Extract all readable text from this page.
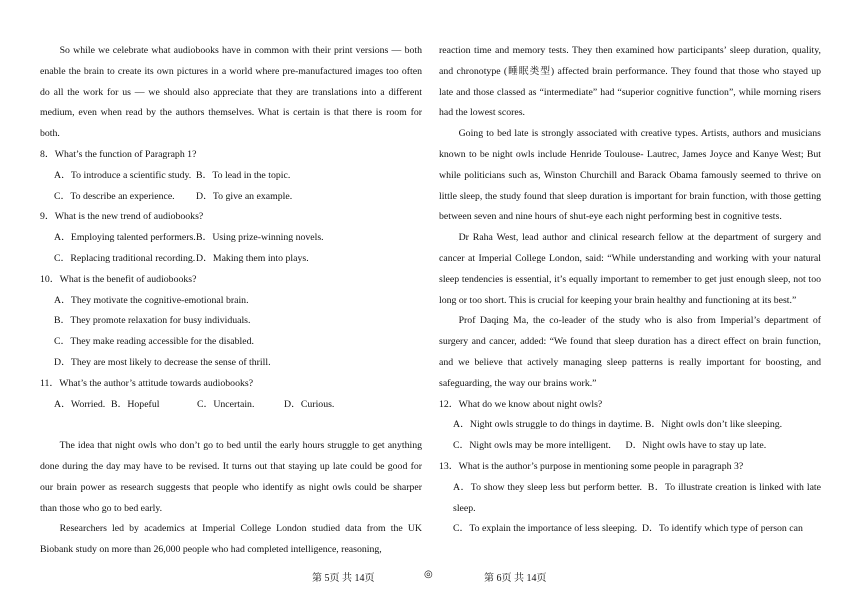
So while we celebrate what audiobooks have in common with their print versions — both enable the brain to create its own pictures in a world where pre-manufactured images too often do all the work for us — we should also appreciate that they are translations into a different medium, even when read by the authors themselves. What is certain is that there is room for both.

8．What’s the function of Paragraph 1?

A．To introduce a scientific study. B．To lead in the topic.
C．To describe an experience.	D．To give an example.

9．What is the new trend of audiobooks?

A．Employing talented performers. B．Using prize-winning novels.
C．Replacing traditional recording. D．Making them into plays.

10．What is the benefit of audiobooks?

A．They motivate the cognitive-emotional brain.

B．They promote relaxation for busy individuals.

C．They make reading accessible for the disabled.

D．They are most likely to decrease the sense of thrill.

11．What’s the author’s attitude towards audiobooks?

A．Worried. B．Hopeful	C．Uncertain.	D．Curious.

The idea that night owls who don’t go to bed until the early hours struggle to get anything done during the day may have to be revised. It turns out that staying up late could be good for our brain power as research suggests that people who identify as night owls could be sharper than those who go to bed early.

Researchers led by academics at Imperial College London studied data from the UK Biobank study on more than 26,000 people who had completed intelligence, reasoning,

reaction time and memory tests. They then examined how participants’ sleep duration, quality, and chronotype (睡眠类型) affected brain performance. They found that those who stayed up late and those classed as “intermediate” had “superior cognitive function”, while morning risers had the lowest scores.

Going to bed late is strongly associated with creative types. Artists, authors and musicians known to be night owls include Henride Toulouse- Lautrec, James Joyce and Kanye West; But while politicians such as, Winston Churchill and Barack Obama famously seemed to thrive on little sleep, the study found that sleep duration is important for brain function, with those getting between seven and nine hours of shut-eye each night performing best in cognitive tests.

Dr Raha West, lead author and clinical research fellow at the department of surgery and cancer at Imperial College London, said: “While understanding and working with your natural sleep tendencies is essential, it’s equally important to remember to get just enough sleep, not too long or too short. This is crucial for keeping your brain healthy and functioning at its best.”

Prof Daqing Ma, the co-leader of the study who is also from Imperial’s department of surgery and cancer, added: “We found that sleep duration has a direct effect on brain function, and we believe that actively managing sleep patterns is really important for boosting, and safeguarding, the way our brains work.”

12．What do we know about night owls?

A．Night owls struggle to do things in daytime. B．Night owls don’t like sleeping.

C．Night owls may be more intelligent.      D．Night owls have to stay up late.

13．What is the author’s purpose in mentioning some people in paragraph 3?

A．To show they sleep less but perform better.  B．To illustrate creation is linked with late sleep.

C．To explain the importance of less sleeping.  D．To identify which type of person can

第 5页 共 14页	◎	第 6页 共 14页
